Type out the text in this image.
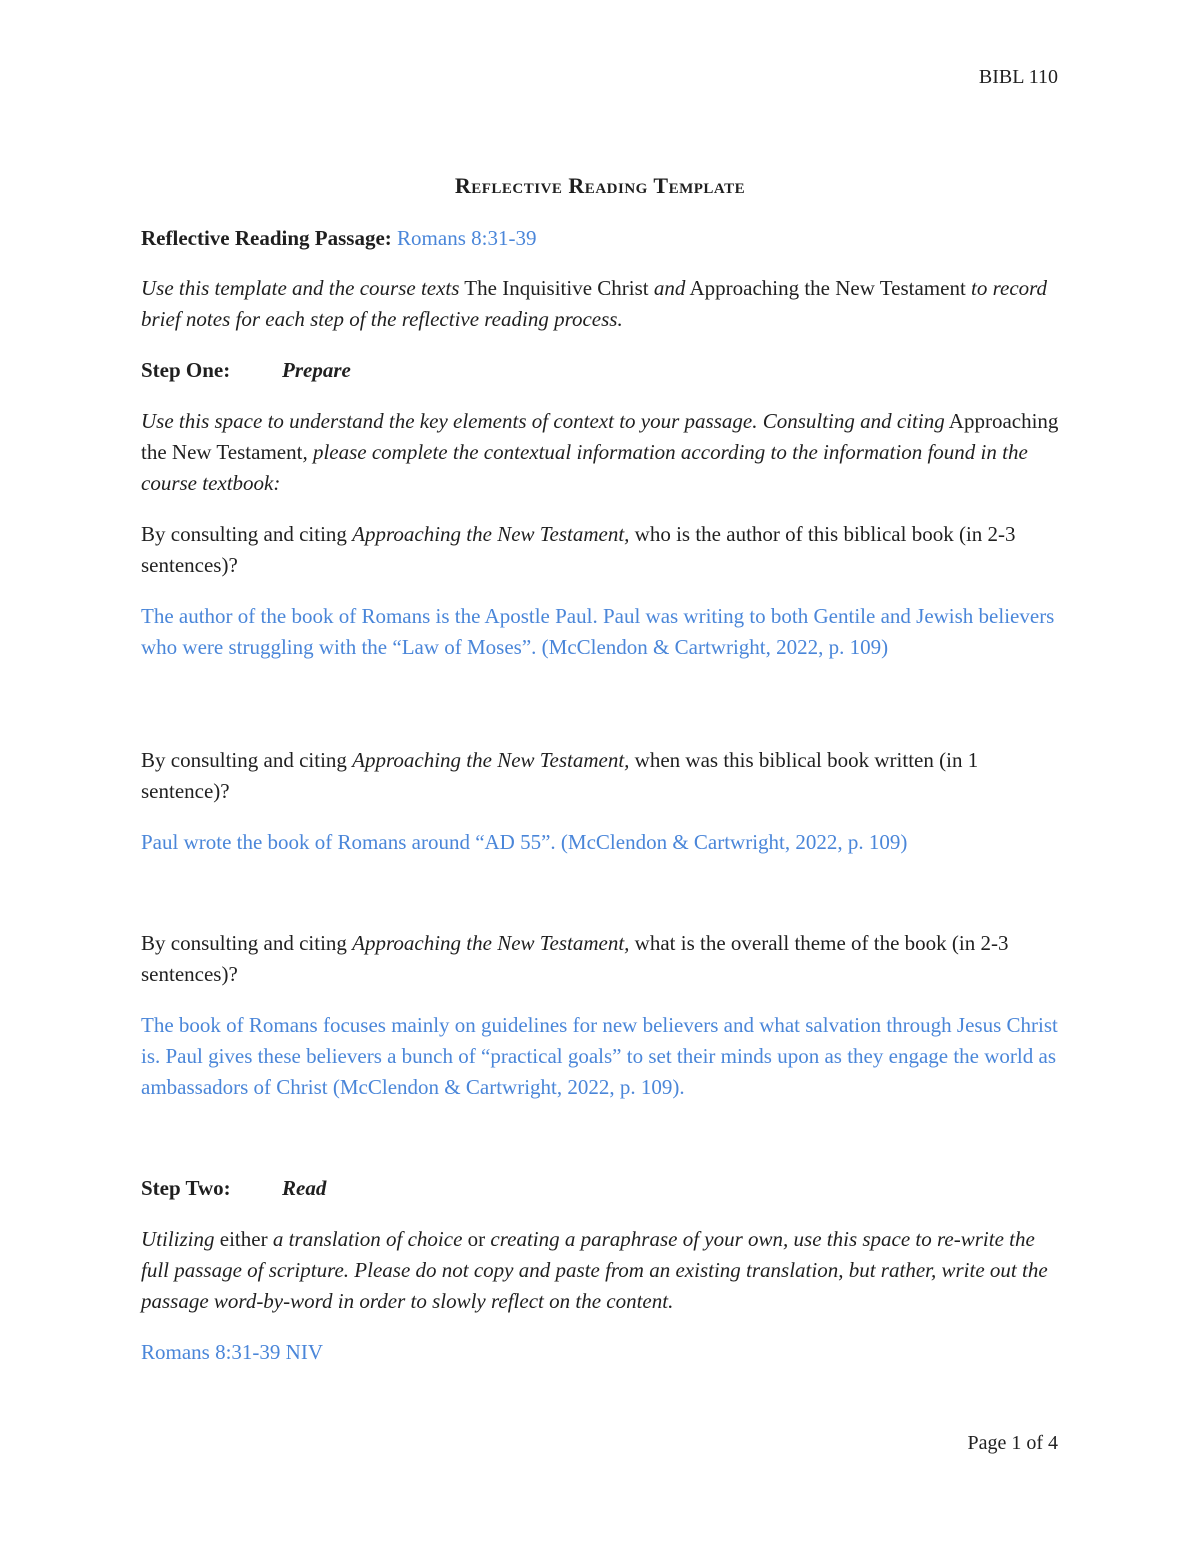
BIBL 110
Reflective Reading Template

Reflective Reading Passage: Romans 8:31-39

Use this template and the course texts The Inquisitive Christ and Approaching the New Testament to record brief notes for each step of the reflective reading process.

Step One:	Prepare

Use this space to understand the key elements of context to your passage. Consulting and citing Approaching the New Testament, please complete the contextual information according to the information found in the course textbook:

By consulting and citing Approaching the New Testament, who is the author of this biblical book (in 2-3 sentences)?

The author of the book of Romans is the Apostle Paul. Paul was writing to both Gentile and Jewish believers who were struggling with the “Law of Moses”. (McClendon & Cartwright, 2022, p. 109)

By consulting and citing Approaching the New Testament, when was this biblical book written (in 1 sentence)?

Paul wrote the book of Romans around “AD 55”. (McClendon & Cartwright, 2022, p. 109)

By consulting and citing Approaching the New Testament, what is the overall theme of the book (in 2-3 sentences)?

The book of Romans focuses mainly on guidelines for new believers and what salvation through Jesus Christ is. Paul gives these believers a bunch of “practical goals” to set their minds upon as they engage the world as ambassadors of Christ (McClendon & Cartwright, 2022, p. 109).

Step Two:	Read

Utilizing either a translation of choice or creating a paraphrase of your own, use this space to re-write the full passage of scripture. Please do not copy and paste from an existing translation, but rather, write out the passage word-by-word in order to slowly reflect on the content.

Romans 8:31-39 NIV

Page 1 of 4
